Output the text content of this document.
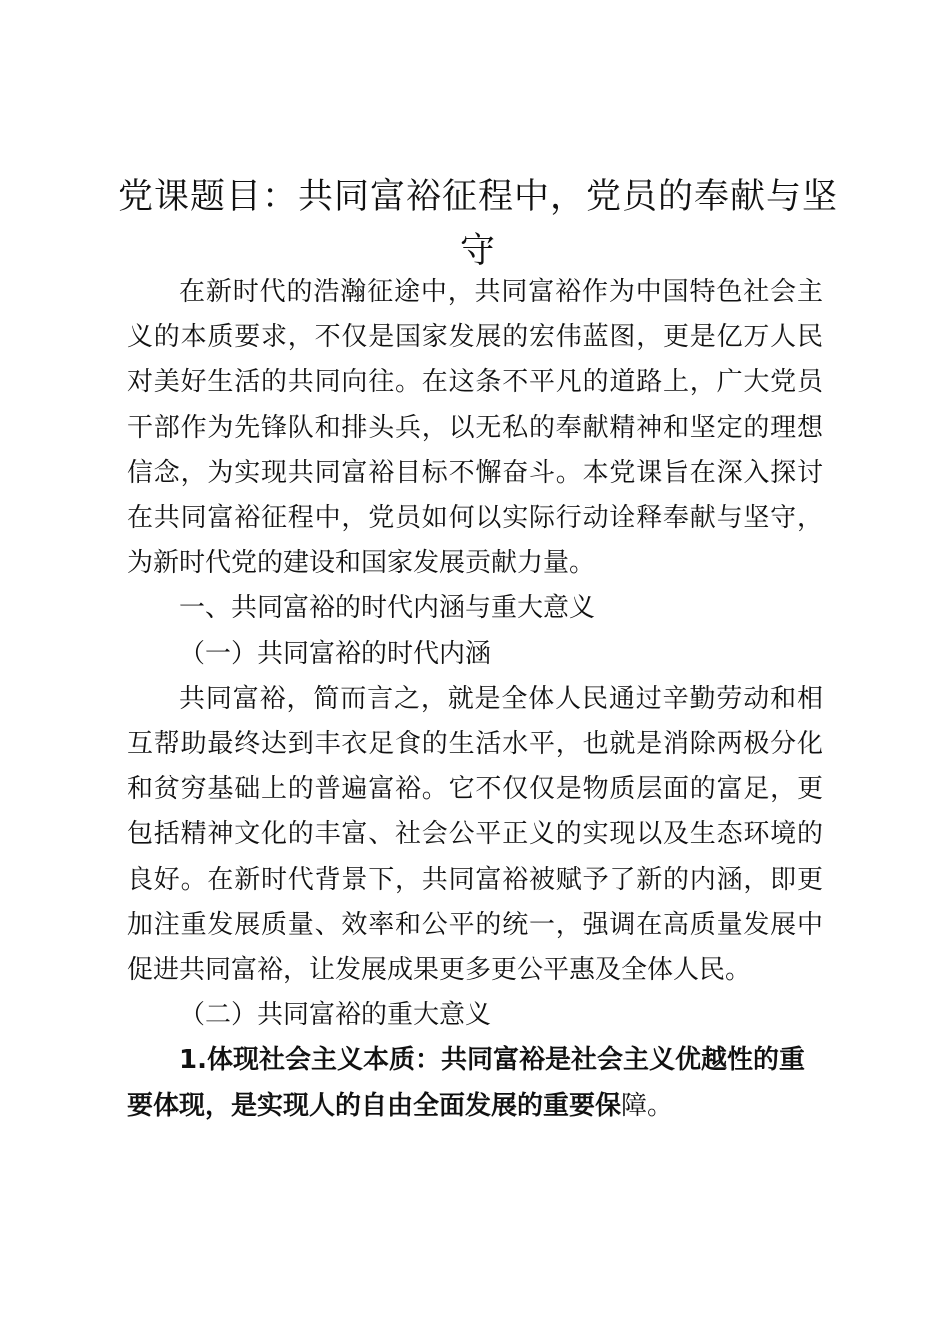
党课题目：共同富裕征程中，党员的奉献与坚守

在新时代的浩瀚征途中，共同富裕作为中国特色社会主义的本质要求，不仅是国家发展的宏伟蓝图，更是亿万人民对美好生活的共同向往。在这条不平凡的道路上，广大党员干部作为先锋队和排头兵，以无私的奉献精神和坚定的理想信念，为实现共同富裕目标不懈奋斗。本党课旨在深入探讨在共同富裕征程中，党员如何以实际行动诠释奉献与坚守，为新时代党的建设和国家发展贡献力量。

一、共同富裕的时代内涵与重大意义

（一）共同富裕的时代内涵

共同富裕，简而言之，就是全体人民通过辛勤劳动和相互帮助最终达到丰衣足食的生活水平，也就是消除两极分化和贫穷基础上的普遍富裕。它不仅仅是物质层面的富足，更包括精神文化的丰富、社会公平正义的实现以及生态环境的良好。在新时代背景下，共同富裕被赋予了新的内涵，即更加注重发展质量、效率和公平的统一，强调在高质量发展中促进共同富裕，让发展成果更多更公平惠及全体人民。

（二）共同富裕的重大意义

1.体现社会主义本质：共同富裕是社会主义优越性的重要体现，是实现人的自由全面发展的重要保障。
